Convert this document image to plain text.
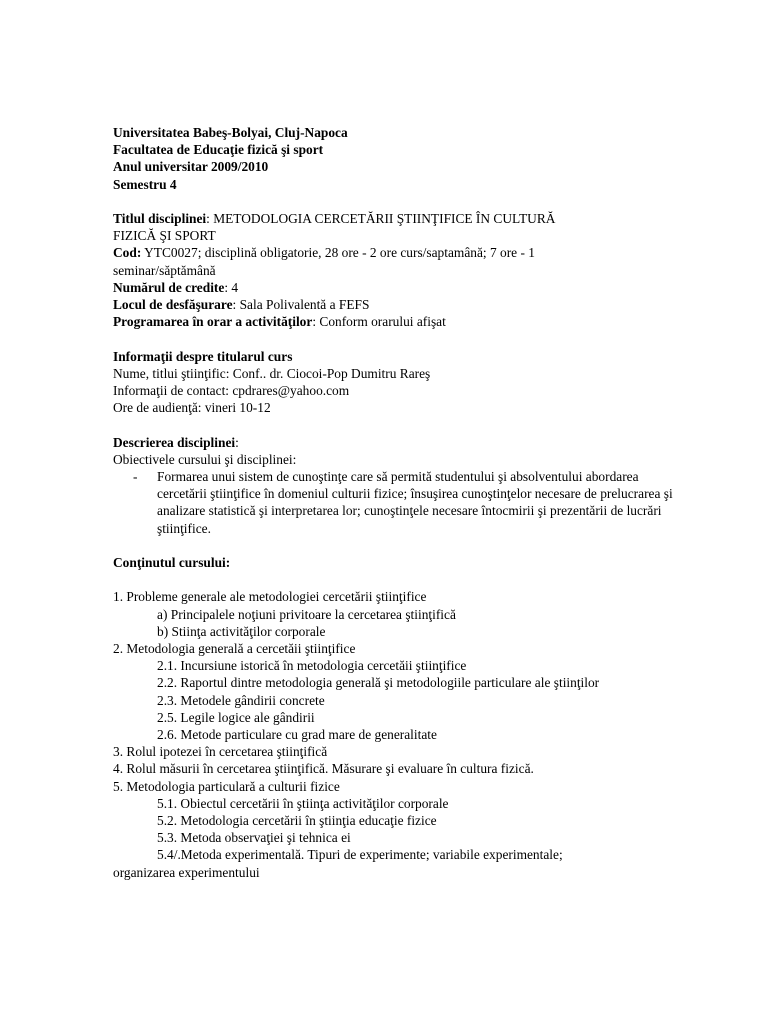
Universitatea Babeş-Bolyai, Cluj-Napoca
Facultatea de Educaţie fizică şi sport
Anul universitar 2009/2010
Semestru 4
Titlul disciplinei: METODOLOGIA CERCETĂRII ŞTIINŢIFICE ÎN CULTURĂ
FIZICĂ ŞI SPORT
Cod: YTC0027; disciplină obligatorie, 28 ore - 2 ore curs/saptamână; 7 ore - 1
seminar/săptămână
Numărul de credite: 4
Locul de desfăşurare: Sala Polivalentă a FEFS
Programarea în orar a activităţilor: Conform orarului afişat
Informaţii despre titularul curs
Nume, titlui ştiinţific: Conf.. dr. Ciocoi-Pop Dumitru Rareş
Informaţii de contact: cpdrares@yahoo.com
Ore de audienţă: vineri 10-12
Descrierea disciplinei:
Obiectivele cursului şi disciplinei:
- Formarea unui sistem de cunoştinţe care să permită studentului şi absolventului abordarea cercetării ştiinţifice în domeniul culturii fizice; însuşirea cunoştinţelor necesare de prelucrarea şi analizare statistică şi interpretarea lor; cunoştinţele necesare întocmirii şi prezentării de lucrări ştiinţifice.
Conţinutul cursului:
1. Probleme generale ale metodologiei cercetării ştiinţifice
a) Principalele noţiuni privitoare la cercetarea ştiinţifică
b) Stiinţa activităţilor corporale
2. Metodologia generală a cercetăii ştiinţifice
2.1. Incursiune istorică în metodologia cercetăii ştiinţifice
2.2. Raportul dintre metodologia generală şi metodologiile particulare ale ştiinţilor
2.3. Metodele gândirii concrete
2.5. Legile logice ale gândirii
2.6. Metode particulare cu grad mare de generalitate
3. Rolul ipotezei în cercetarea ştiinţifică
4. Rolul măsurii în cercetarea ştiinţifică. Măsurare şi evaluare în cultura fizică.
5. Metodologia particulară a culturii fizice
5.1. Obiectul cercetării în ştiinţa activităţilor corporale
5.2. Metodologia cercetării în ştiinţia educaţie fizice
5.3. Metoda observaţiei şi tehnica ei
5.4/.Metoda experimentală. Tipuri de experimente; variabile experimentale;
organizarea experimentului
